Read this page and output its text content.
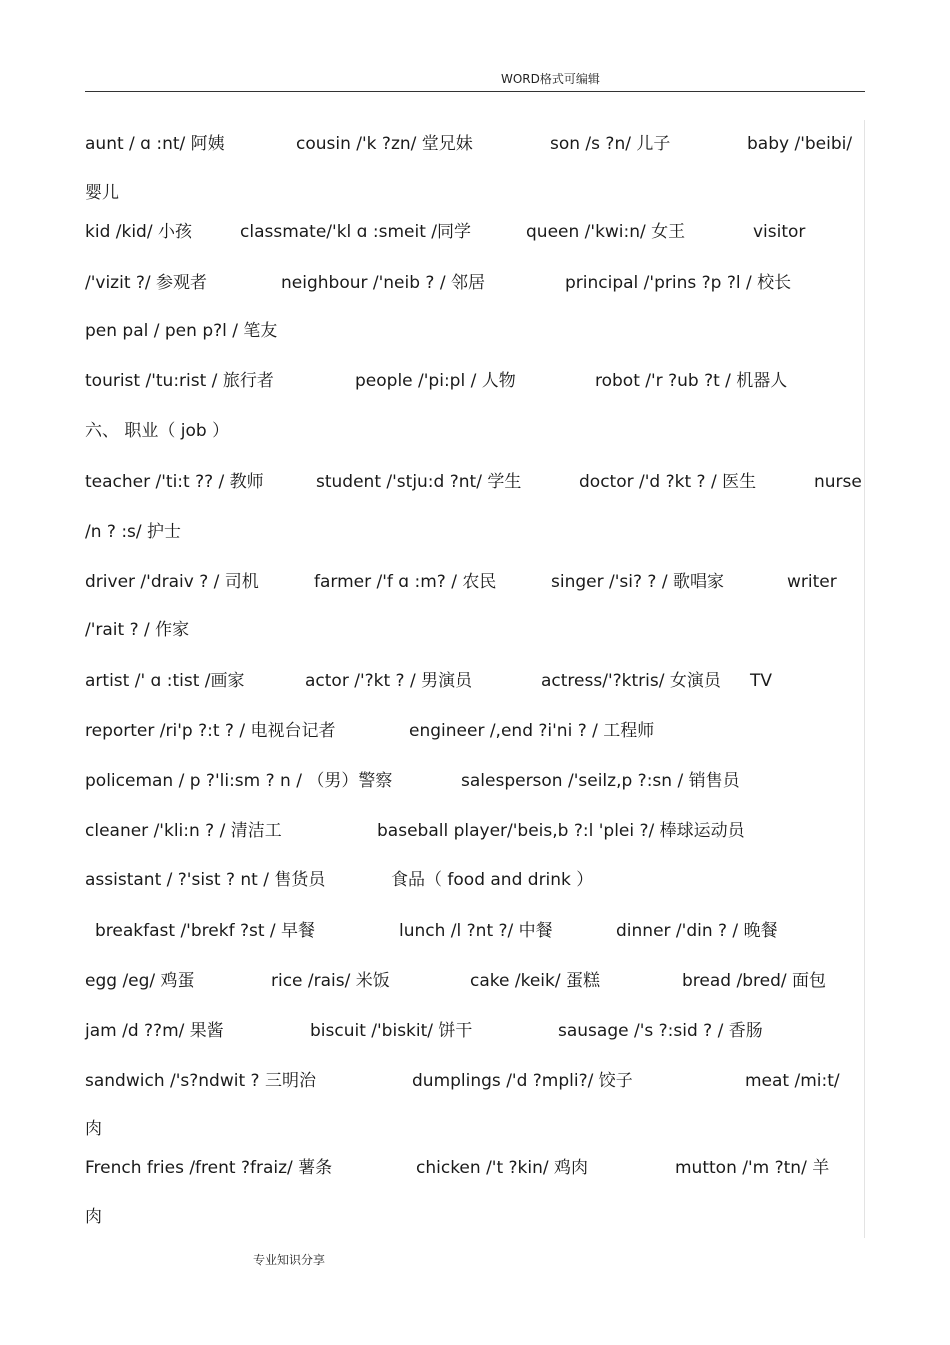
WORD格式可编辑
aunt / ɑ :nt/ 阿姨	cousin /'k ?zn/ 堂兄妹	son /s ?n/ 儿子	baby /'beibi/
婴儿
kid /kid/ 小孩	classmate/'kl ɑ :smeit /同学	queen /'kwi:n/ 女王	visitor
/'vizit ?/ 参观者	neighbour /'neib ? / 邻居	principal /'prins ?p ?l / 校长
pen pal / pen p?l / 笔友
tourist /'tu:rist / 旅行者	people /'pi:pl / 人物	robot /'r ?ub ?t / 机器人
六、 职业（ job ）
teacher /'ti:t ?? / 教师	student /'stju:d ?nt/ 学生	doctor /'d ?kt ? / 医生	nurse
/n ? :s/ 护士
driver /'draiv ? / 司机	farmer /'f ɑ :m? / 农民	singer /'si? ? / 歌唱家	writer
/'rait ? / 作家
artist /' ɑ :tist /画家	actor /'?kt ? / 男演员	actress/'?ktris/ 女演员 TV
reporter /ri'p ?:t ? / 电视台记者	engineer /,end ?i'ni ? / 工程师
policeman / p ?'li:sm ? n / （男）警察	salesperson /'seilz,p ?:sn / 销售员
cleaner /'kli:n ? / 清洁工	baseball player/'beis,b ?:l 'plei ?/ 棒球运动员
assistant / ?'sist ? nt / 售货员	食品（ food and drink ）
breakfast /'brekf ?st / 早餐	lunch /l ?nt ?/ 中餐	dinner /'din ? / 晚餐
egg /eg/ 鸡蛋	rice /rais/ 米饭	cake /keik/ 蛋糕	bread /bred/ 面包
jam /d ??m/ 果酱	biscuit /'biskit/ 饼干	sausage /'s ?:sid ? / 香肠
sandwich /'s?ndwit ? 三明治	dumplings /'d ?mpli?/ 饺子	meat /mi:t/
肉
French fries /frent ?fraiz/ 薯条	chicken /'t ?kin/ 鸡肉	mutton /'m ?tn/ 羊
肉
专业知识分享
